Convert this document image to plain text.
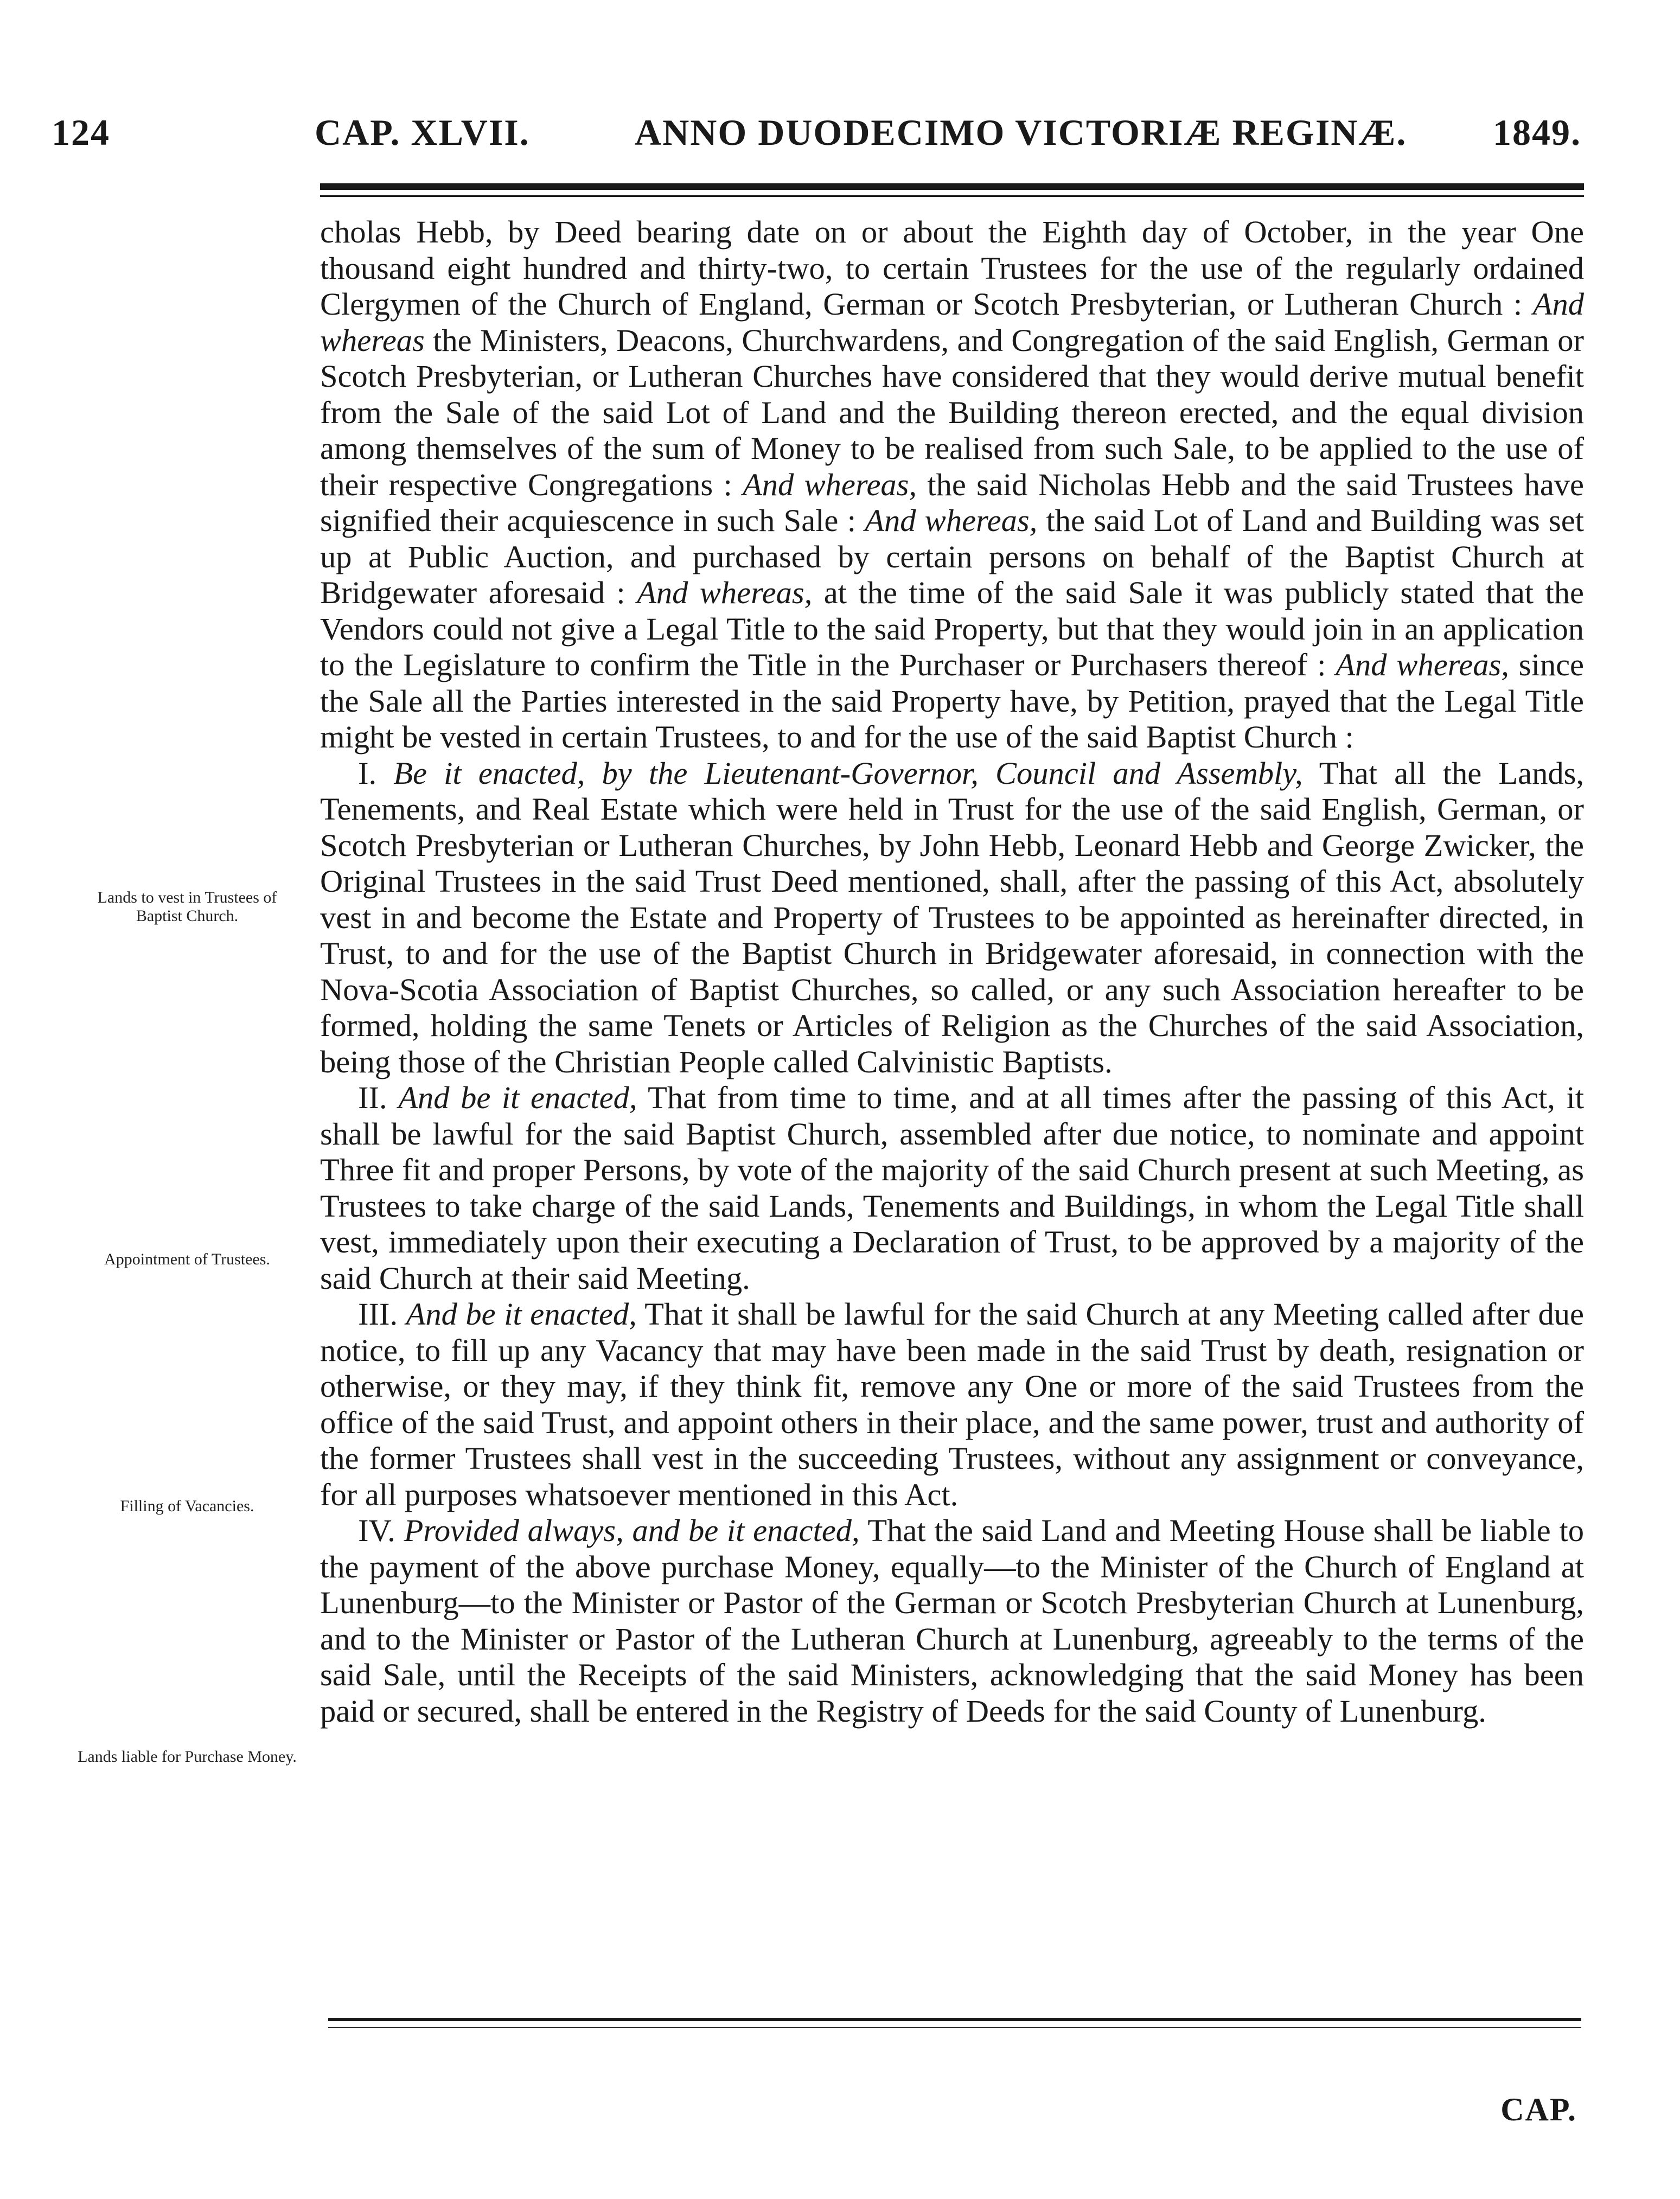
124	CAP. XLVII.	ANNO DUODECIMO VICTORIÆ REGINÆ. 1849.

cholas Hebb, by Deed bearing date on or about the Eighth day of October, in the year One thousand eight hundred and thirty-two, to certain Trustees for the use of the regularly ordained Clergymen of the Church of England, German or Scotch Presbyterian, or Lutheran Church : And whereas the Ministers, Deacons, Churchwardens, and Congregation of the said English, German or Scotch Presbyterian, or Lutheran Churches have considered that they would derive mutual benefit from the Sale of the said Lot of Land and the Building thereon erected, and the equal division among themselves of the sum of Money to be realised from such Sale, to be applied to the use of their respective Congregations : And whereas, the said Nicholas Hebb and the said Trustees have signified their acquiescence in such Sale : And whereas, the said Lot of Land and Building was set up at Public Auction, and purchased by certain persons on behalf of the Baptist Church at Bridgewater aforesaid : And whereas, at the time of the said Sale it was publicly stated that the Vendors could not give a Legal Title to the said Property, but that they would join in an application to the Legislature to confirm the Title in the Purchaser or Purchasers thereof : And whereas, since the Sale all the Parties interested in the said Property have, by Petition, prayed that the Legal Title might be vested in certain Trustees, to and for the use of the said Baptist Church :

I. Be it enacted, by the Lieutenant-Governor, Council and Assembly, That all the Lands, Tenements, and Real Estate which were held in Trust for the use of the said English, German, or Scotch Presbyterian or Lutheran Churches, by John Hebb, Leonard Hebb and George Zwicker, the Original Trustees in the said Trust Deed mentioned, shall, after the passing of this Act, absolutely vest in and become the Estate and Property of Trustees to be appointed as hereinafter directed, in Trust, to and for the use of the Baptist Church in Bridgewater aforesaid, in connection with the Nova-Scotia Association of Baptist Churches, so called, or any such Association hereafter to be formed, holding the same Tenets or Articles of Religion as the Churches of the said Association, being those of the Christian People called Calvinistic Baptists.

II. And be it enacted, That from time to time, and at all times after the passing of this Act, it shall be lawful for the said Baptist Church, assembled after due notice, to nominate and appoint Three fit and proper Persons, by vote of the majority of the said Church present at such Meeting, as Trustees to take charge of the said Lands, Tenements and Buildings, in whom the Legal Title shall vest, immediately upon their executing a Declaration of Trust, to be approved by a majority of the said Church at their said Meeting.

III. And be it enacted, That it shall be lawful for the said Church at any Meeting called after due notice, to fill up any Vacancy that may have been made in the said Trust by death, resignation or otherwise, or they may, if they think fit, remove any One or more of the said Trustees from the office of the said Trust, and appoint others in their place, and the same power, trust and authority of the former Trustees shall vest in the succeeding Trustees, without any assignment or conveyance, for all purposes whatsoever mentioned in this Act.

IV. Provided always, and be it enacted, That the said Land and Meeting House shall be liable to the payment of the above purchase Money, equally—to the Minister of the Church of England at Lunenburg—to the Minister or Pastor of the German or Scotch Presbyterian Church at Lunenburg, and to the Minister or Pastor of the Lutheran Church at Lunenburg, agreeably to the terms of the said Sale, until the Receipts of the said Ministers, acknowledging that the said Money has been paid or secured, shall be entered in the Registry of Deeds for the said County of Lunenburg.

Lands to vest in Trustees of Baptist Church.
Appointment of Trustees.
Filling of Vacancies.
Lands liable for Purchase Money.
CAP.
